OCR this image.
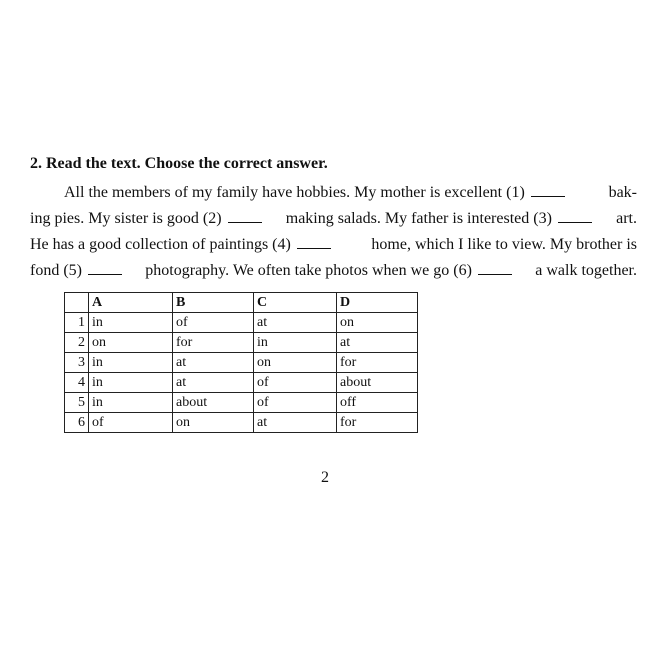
2. Read the text. Choose the correct answer.
All the members of my family have hobbies. My mother is excellent (1)	bak-
ing pies. My sister is good (2)	making salads. My father is interested (3)	art.
He has a good collection of paintings (4)	home, which I like to view. My brother is
fond (5)	photography. We often take photos when we go (6)	a walk together.
	A	B	C	D
1	in	of	at	on
2	on	for	in	at
3	in	at	on	for
4	in	at	of	about
5	in	about	of	off
6	of	on	at	for
2
